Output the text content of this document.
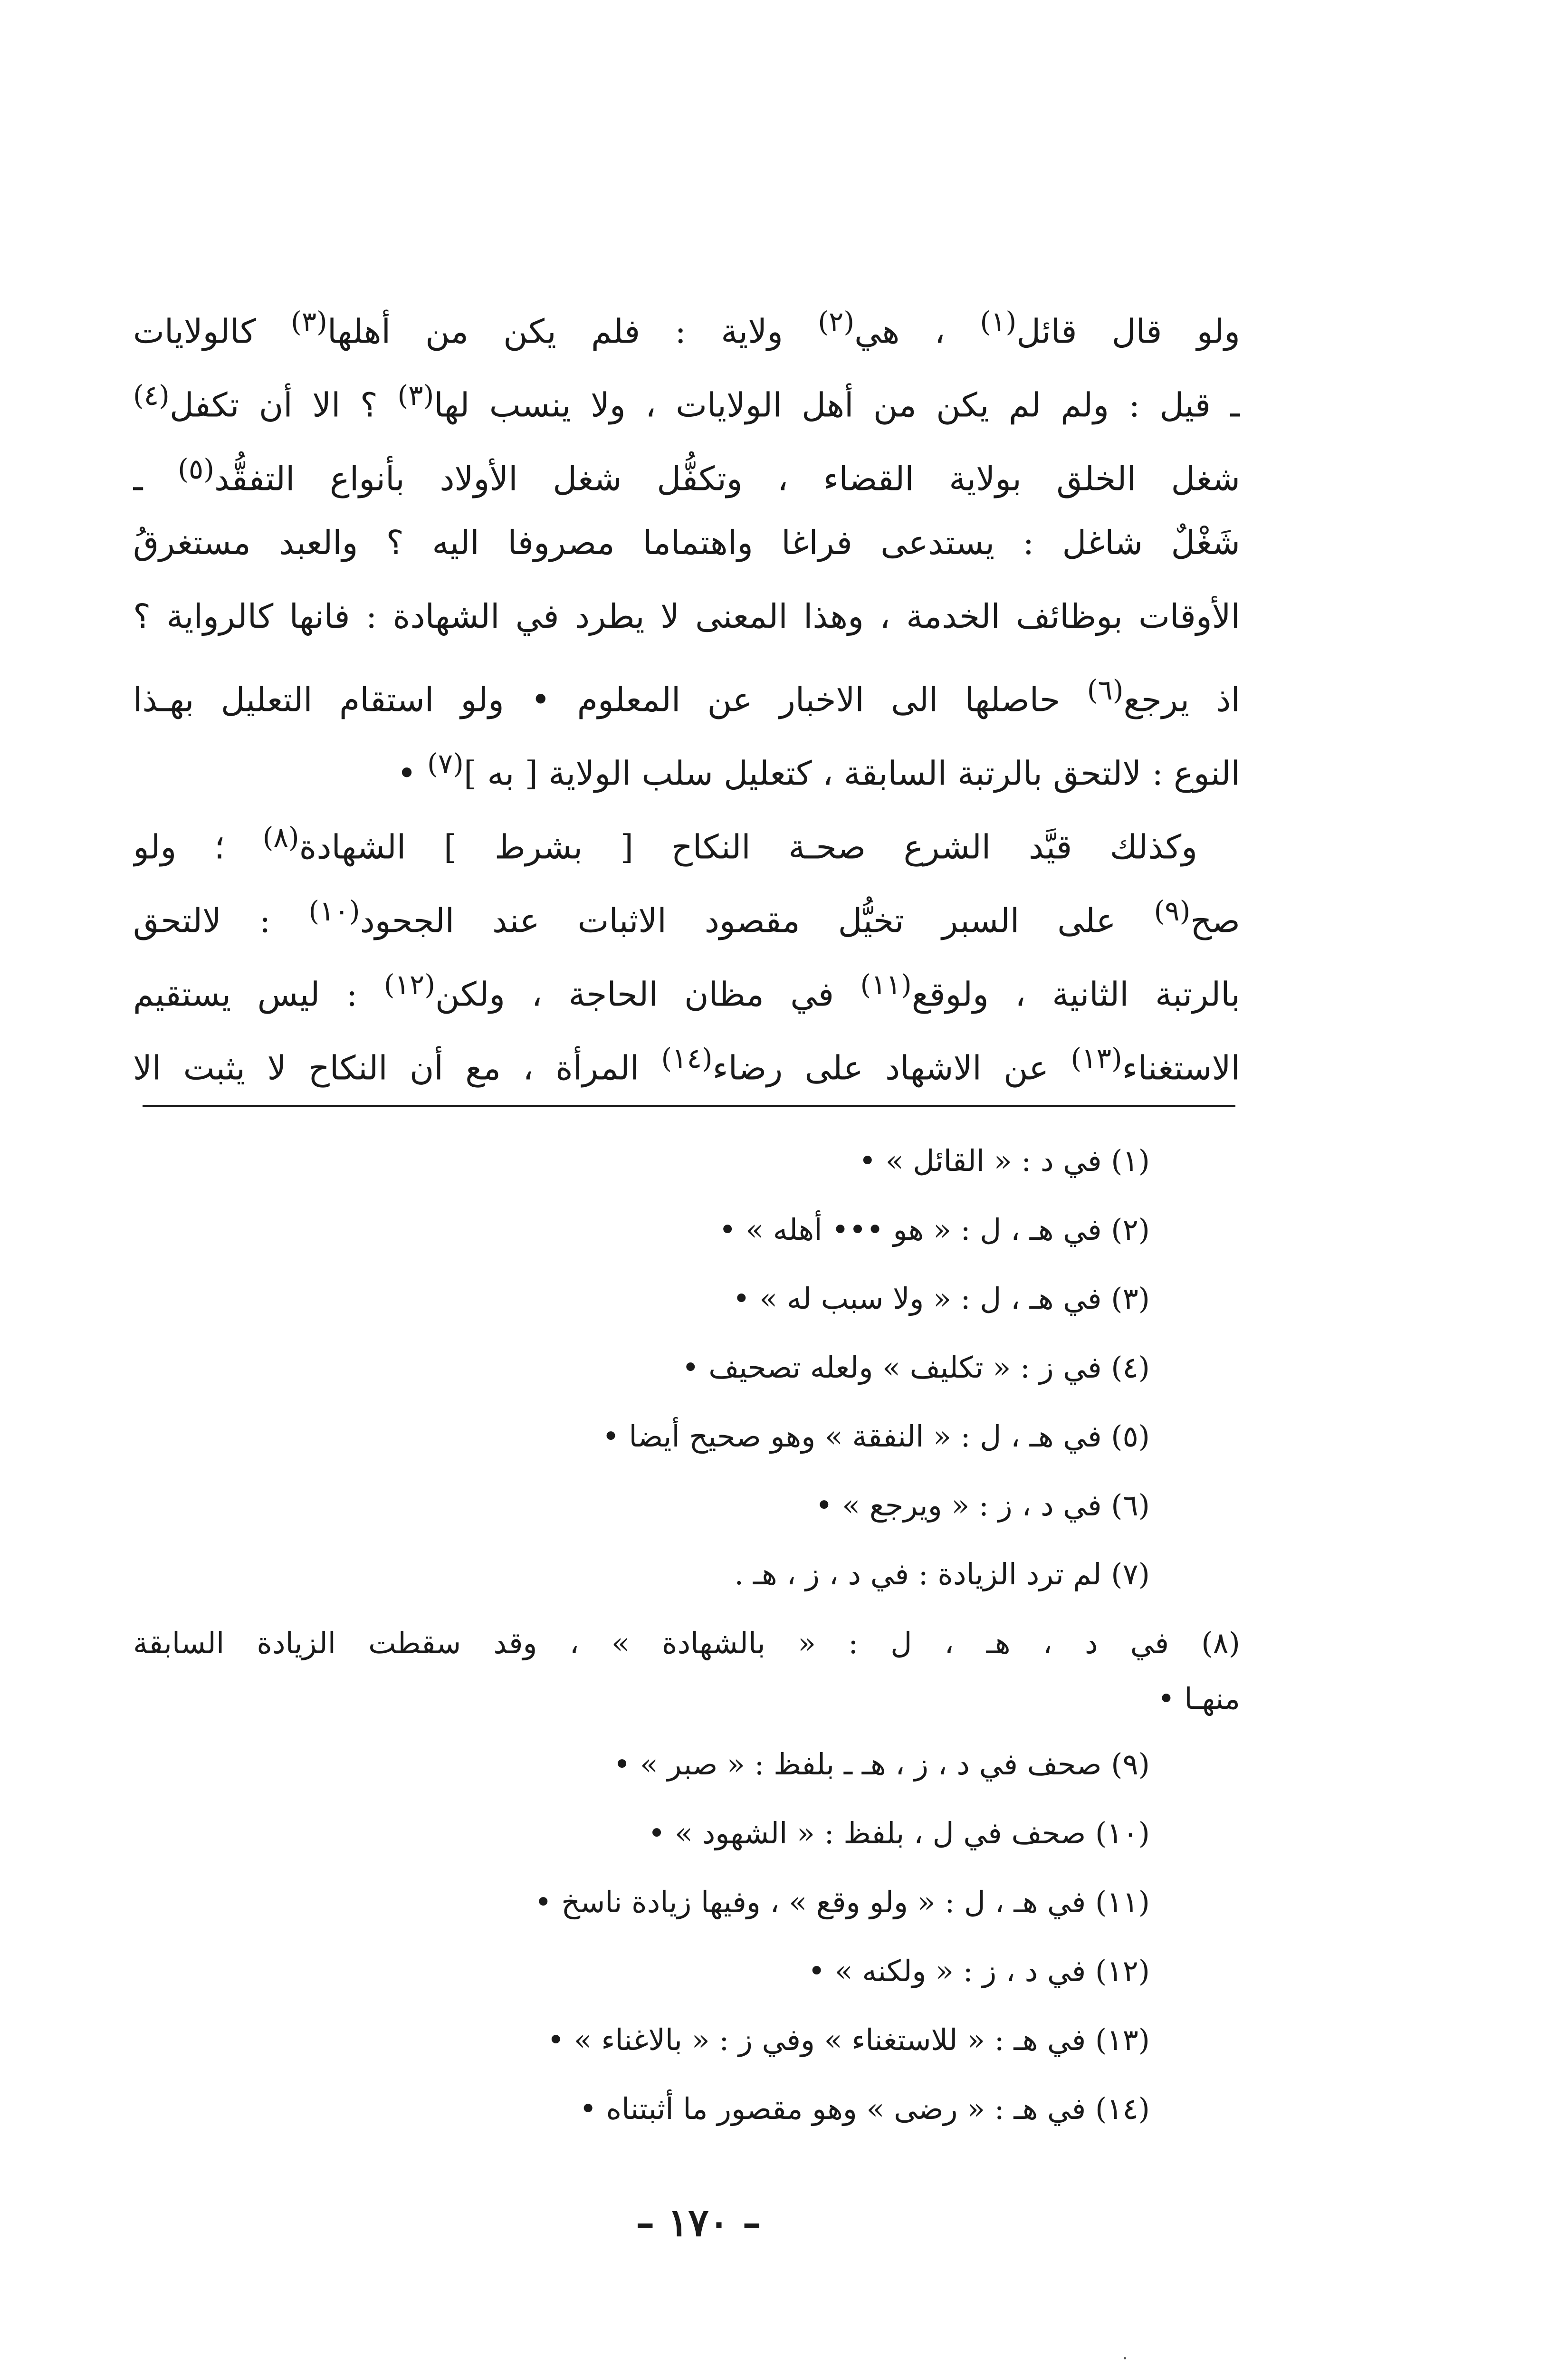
ولو قال قائل$^{(١)}$ ، هي$^{(٢)}$ ولاية : فلم يكن من أهلها$^{(٣)}$ كالولايات
ـ قيل : ولم لم يكن من أهل الولايات ، ولا ينسب لها$^{(٣)}$ ؟ الا أن تكفل$^{(٤)}$
شغل الخلق بولاية القضاء ، وتكفُّل شغل الأولاد بأنواع التفقُّد$^{(٥)}$ ـ
شَغْلٌ شاغل : يستدعى فراغا واهتماما مصروفا اليه ؟ والعبد مستغرقُ
الأوقات بوظائف الخدمة ، وهذا المعنى لا يطرد في الشهادة : فانها كالرواية ؟
اذ يرجع$^{(٦)}$ حاصلها الى الاخبار عن المعلوم • ولو استقام التعليل بهـذا
النوع : لالتحق بالرتبة السابقة ، كتعليل سلب الولاية [ به ]$^{(٧)}$ •
وكذلك قيَّد الشرع صحـة النكاح [ بشرط ] الشهادة$^{(٨)}$ ؛ ولو
صح$^{(٩)}$ على السبر تخيُّل مقصود الاثبات عند الجحود$^{(١٠)}$ : لالتحق
بالرتبة الثانية ، ولوقع$^{(١١)}$ في مظان الحاجة ، ولكن$^{(١٢)}$ : ليس يستقيم
الاستغناء$^{(١٣)}$ عن الاشهاد على رضاء$^{(١٤)}$ المرأة ، مع أن النكاح لا يثبت الا
(١) في د : « القائل » •
(٢) في هـ ، ل : « هو ••• أهله » •
(٣) في هـ ، ل : « ولا سبب له » •
(٤) في ز : « تكليف » ولعله تصحيف •
(٥) في هـ ، ل : « النفقة » وهو صحيح أيضا •
(٦) في د ، ز : « ويرجع » •
(٧) لم ترد الزيادة : في د ، ز ، هـ .
(٨) في د ، هـ ، ل : « بالشهادة » ، وقد سقطت الزيادة السابقة
منهـا •
(٩) صحف في د ، ز ، هـ ـ بلفظ : « صبر » •
(١٠) صحف في ل ، بلفظ : « الشهود » •
(١١) في هـ ، ل : « ولو وقع » ، وفيها زيادة ناسخ •
(١٢) في د ، ز : « ولكنه » •
(١٣) في هـ : « للاستغناء » وفي ز : « بالاغناء » •
(١٤) في هـ : « رضى » وهو مقصور ما أثبتناه •
– ١٧٠ –
